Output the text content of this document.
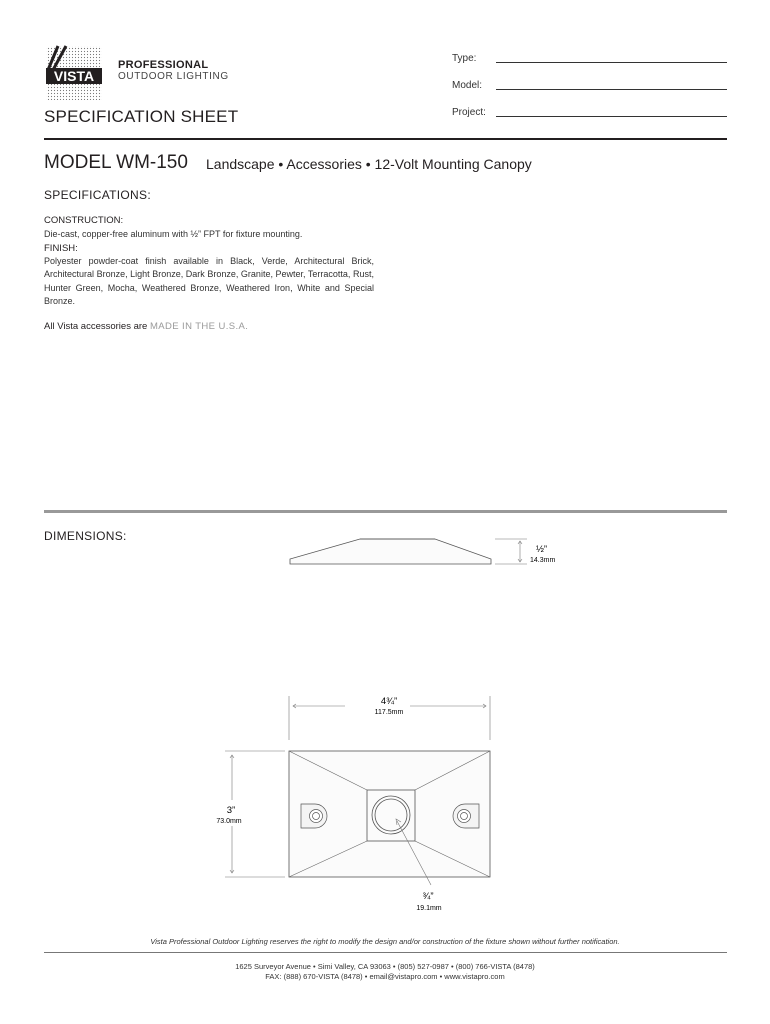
VISTA
PROFESSIONAL
OUTDOOR LIGHTING
Type:
Model:
Project:
SPECIFICATION SHEET
MODEL WM-150 Landscape • Accessories • 12-Volt Mounting Canopy
SPECIFICATIONS:
CONSTRUCTION:
Die-cast, copper-free aluminum with ½” FPT for fixture mounting.
FINISH:
Polyester powder-coat finish available in Black, Verde, Architectural Brick, Architectural Bronze, Light Bronze, Dark Bronze, Granite, Pewter, Terracotta, Rust, Hunter Green, Mocha, Weathered Bronze, Weathered Iron, White and Special Bronze.
All Vista accessories are MADE IN THE U.S.A.
DIMENSIONS:
½”
14.3mm
4¾”
117.5mm
3”
73.0mm
¾”
19.1mm
Vista Professional Outdoor Lighting reserves the right to modify the design and/or construction of the fixture shown without further notification.
1625 Surveyor Avenue • Simi Valley, CA 93063 • (805) 527-0987 • (800) 766-VISTA (8478)
FAX: (888) 670-VISTA (8478) • email@vistapro.com • www.vistapro.com
